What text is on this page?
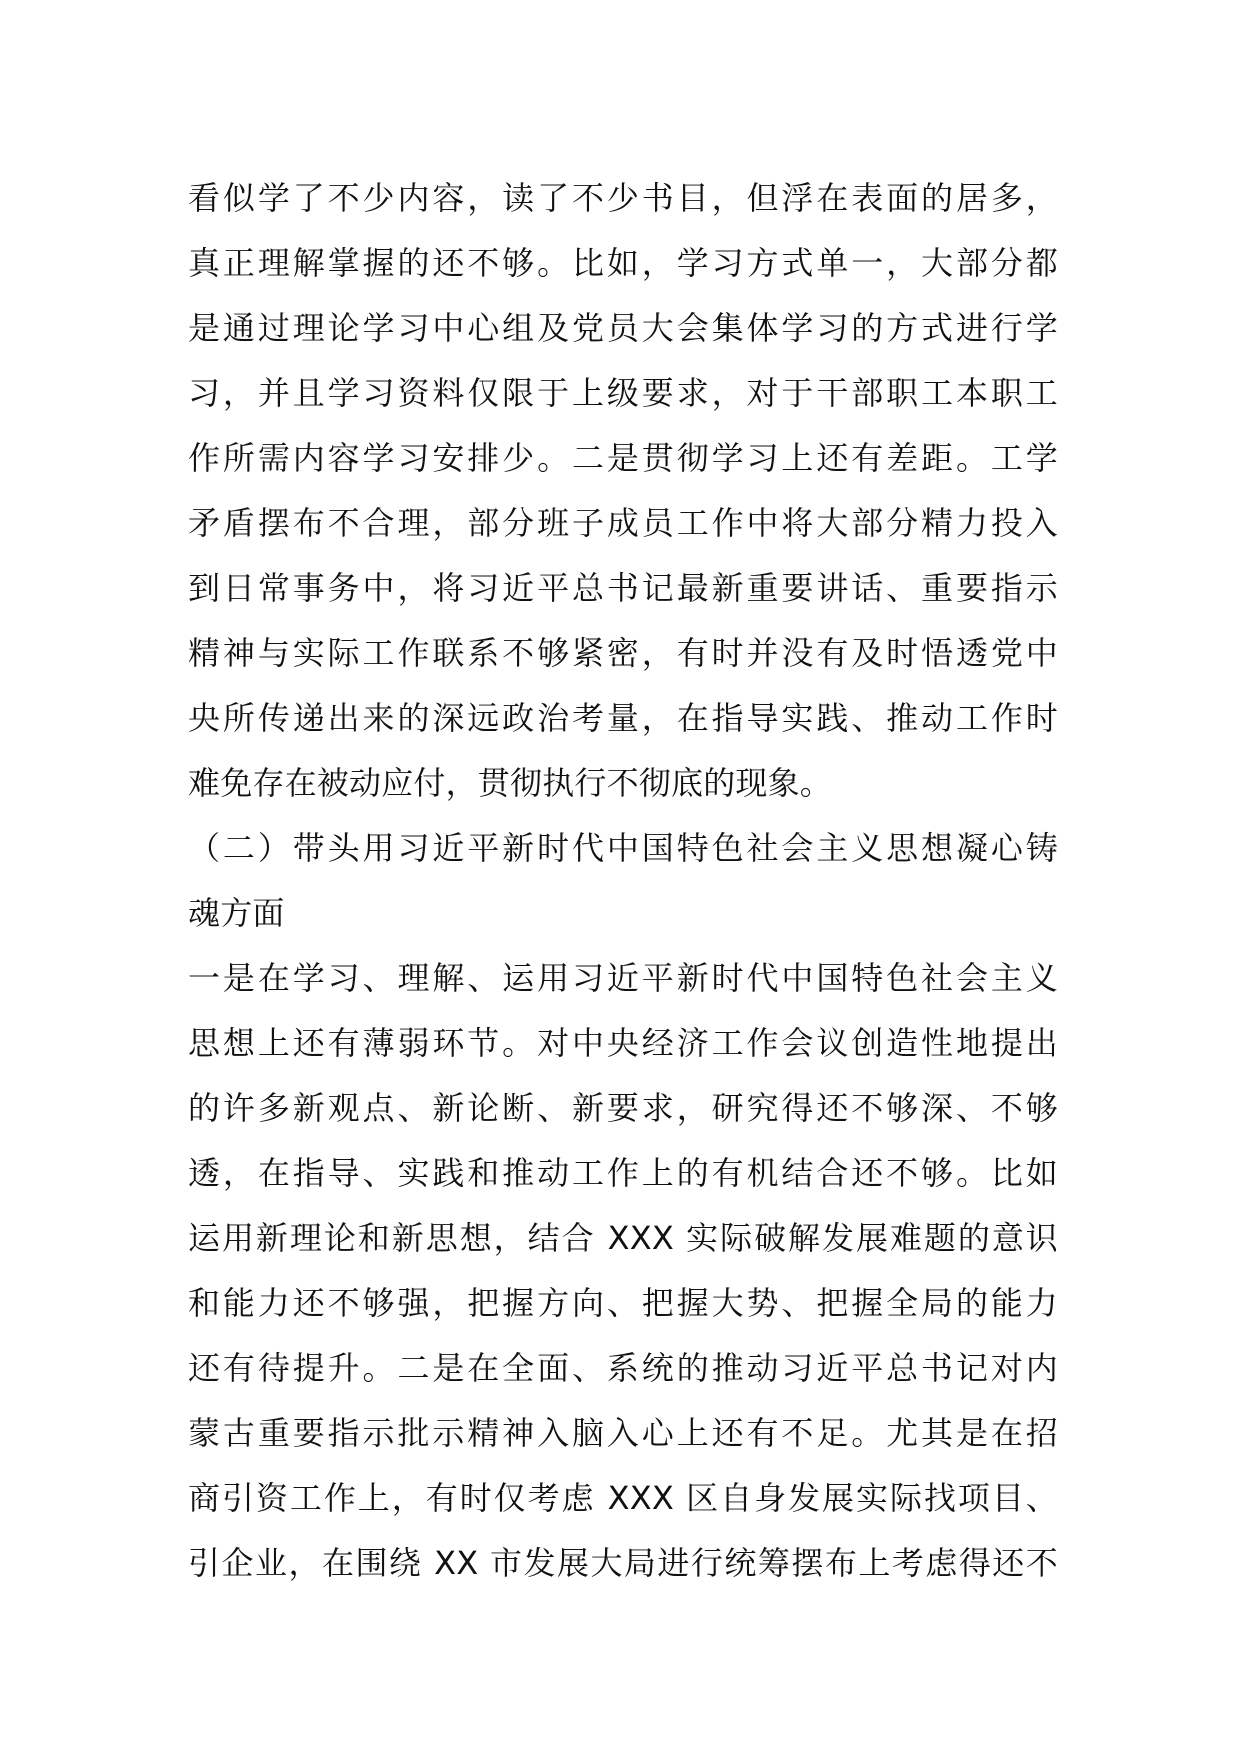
看似学了不少内容，读了不少书目，但浮在表面的居多，
真正理解掌握的还不够。比如，学习方式单一，大部分都
是通过理论学习中心组及党员大会集体学习的方式进行学
习，并且学习资料仅限于上级要求，对于干部职工本职工
作所需内容学习安排少。二是贯彻学习上还有差距。工学
矛盾摆布不合理，部分班子成员工作中将大部分精力投入
到日常事务中，将习近平总书记最新重要讲话、重要指示
精神与实际工作联系不够紧密，有时并没有及时悟透党中
央所传递出来的深远政治考量，在指导实践、推动工作时
难免存在被动应付，贯彻执行不彻底的现象。
（二）带头用习近平新时代中国特色社会主义思想凝心铸
魂方面
一是在学习、理解、运用习近平新时代中国特色社会主义
思想上还有薄弱环节。对中央经济工作会议创造性地提出
的许多新观点、新论断、新要求，研究得还不够深、不够
透，在指导、实践和推动工作上的有机结合还不够。比如
运用新理论和新思想，结合 XXX 实际破解发展难题的意识
和能力还不够强，把握方向、把握大势、把握全局的能力
还有待提升。二是在全面、系统的推动习近平总书记对内
蒙古重要指示批示精神入脑入心上还有不足。尤其是在招
商引资工作上，有时仅考虑 XXX 区自身发展实际找项目、
引企业，在围绕 XX 市发展大局进行统筹摆布上考虑得还不
